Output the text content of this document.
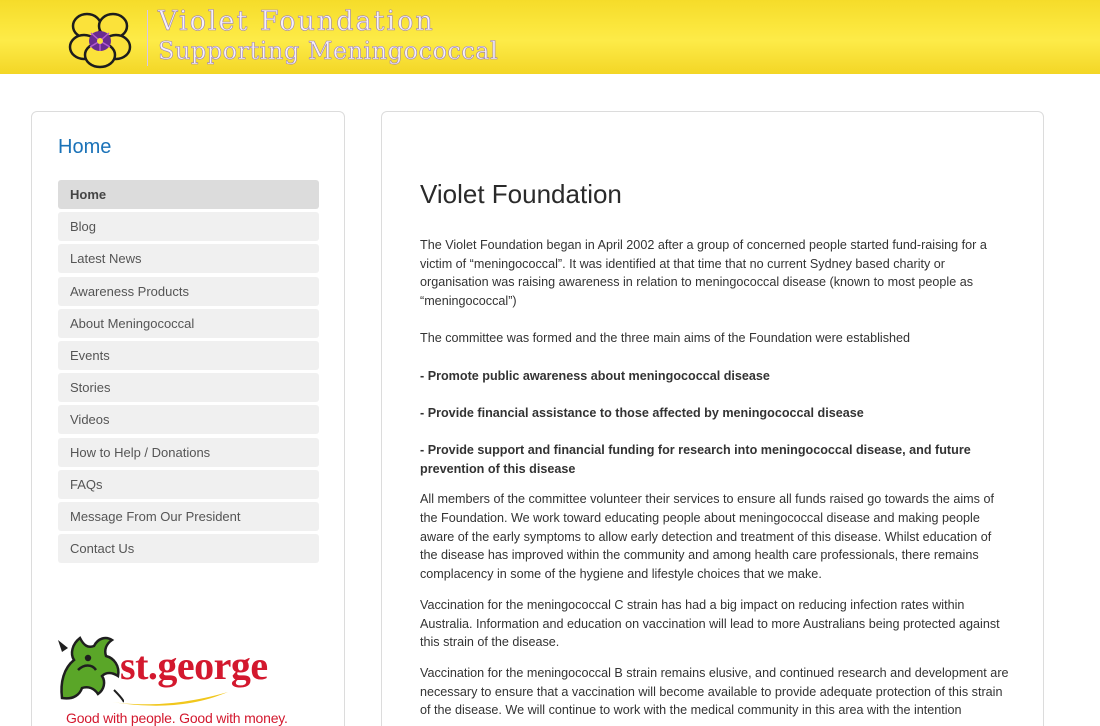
Violet Foundation
Supporting Meningococcal
Home
Home
Blog
Latest News
Awareness Products
About Meningococcal
Events
Stories
Videos
How to Help / Donations
FAQs
Message From Our President
Contact Us
st.george
Good with people. Good with money.
Violet Foundation

The Violet Foundation began in April 2002 after a group of concerned people started fund-raising for a victim of “meningococcal”. It was identified at that time that no current Sydney based charity or organisation was raising awareness in relation to meningococcal disease (known to most people as “meningococcal”)

The committee was formed and the three main aims of the Foundation were established

- Promote public awareness about meningococcal disease

- Provide financial assistance to those affected by meningococcal disease

- Provide support and financial funding for research into meningococcal disease, and future prevention of this disease

All members of the committee volunteer their services to ensure all funds raised go towards the aims of the Foundation. We work toward educating people about meningococcal disease and making people aware of the early symptoms to allow early detection and treatment of this disease. Whilst education of the disease has improved within the community and among health care professionals, there remains complacency in some of the hygiene and lifestyle choices that we make.

Vaccination for the meningococcal C strain has had a big impact on reducing infection rates within Australia. Information and education on vaccination will lead to more Australians being protected against this strain of the disease.

Vaccination for the meningococcal B strain remains elusive, and continued research and development are necessary to ensure that a vaccination will become available to provide adequate protection of this strain of the disease. We will continue to work with the medical community in this area with the intention
